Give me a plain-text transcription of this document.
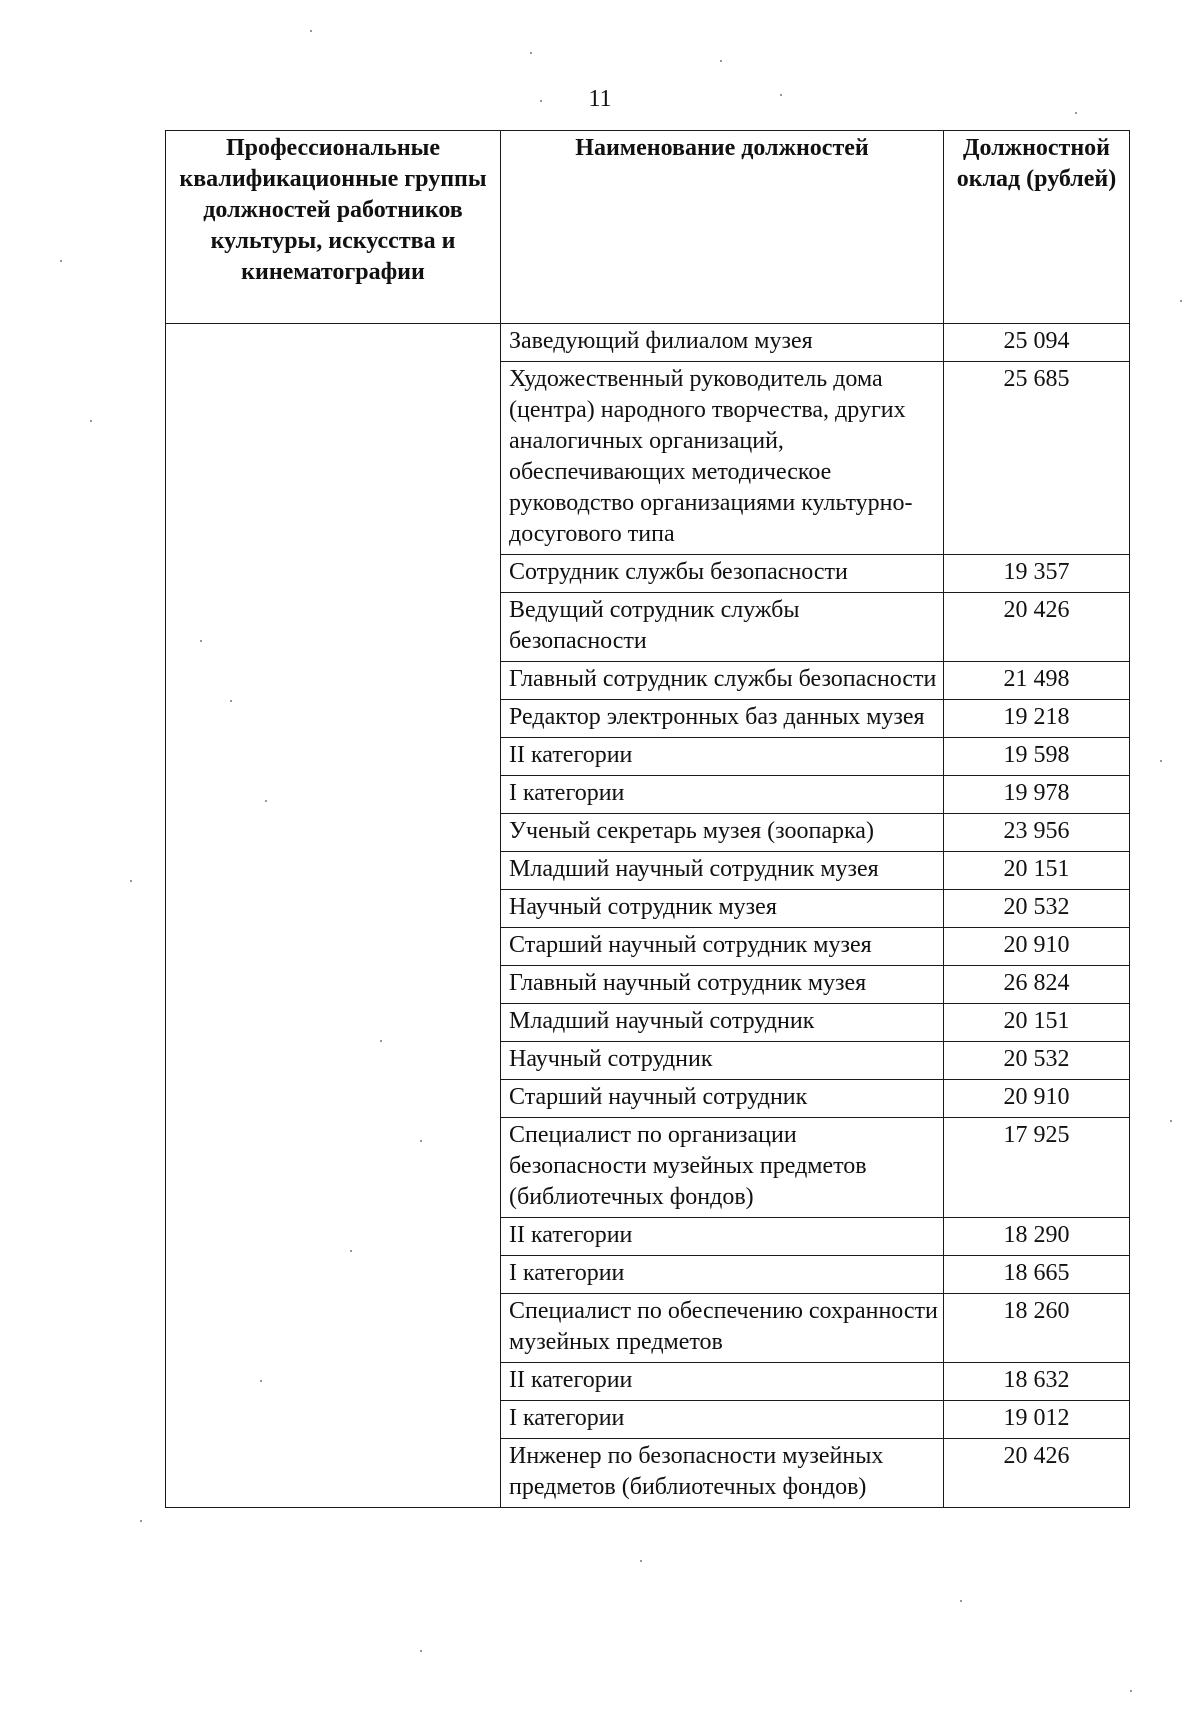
11
Профессиональные квалификационные группы должностей работников культуры, искусства и кинематографии	Наименование должностей	Должностной оклад (рублей)
	Заведующий филиалом музея	25 094
	Художественный руководитель дома (центра) народного творчества, других аналогичных организаций, обеспечивающих методическое руководство организациями культурно-досугового типа	25 685
	Сотрудник службы безопасности	19 357
	Ведущий сотрудник службы безопасности	20 426
	Главный сотрудник службы безопасности	21 498
	Редактор электронных баз данных музея	19 218
	II категории	19 598
	I категории	19 978
	Ученый секретарь музея (зоопарка)	23 956
	Младший научный сотрудник музея	20 151
	Научный сотрудник музея	20 532
	Старший научный сотрудник музея	20 910
	Главный научный сотрудник музея	26 824
	Младший научный сотрудник	20 151
	Научный сотрудник	20 532
	Старший научный сотрудник	20 910
	Специалист по организации безопасности музейных предметов (библиотечных фондов)	17 925
	II категории	18 290
	I категории	18 665
	Специалист по обеспечению сохранности музейных предметов	18 260
	II категории	18 632
	I категории	19 012
	Инженер по безопасности музейных предметов (библиотечных фондов)	20 426
